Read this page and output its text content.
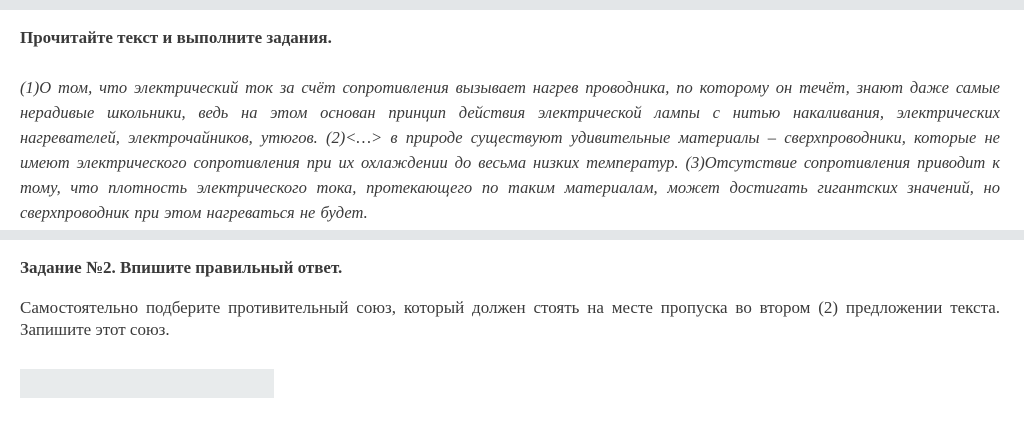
Прочитайте текст и выполните задания.
(1)О том, что электрический ток за счёт сопротивления вызывает нагрев проводника, по которому он течёт, знают даже самые нерадивые школьники, ведь на этом основан принцип действия электрической лампы с нитью накаливания, электрических нагревателей, электрочайников, утюгов. (2)<…> в природе существуют удивительные материалы – сверхпроводники, которые не имеют электрического сопротивления при их охлаждении до весьма низких температур. (3)Отсутствие сопротивления приводит к тому, что плотность электрического тока, протекающего по таким материалам, может достигать гигантских значений, но сверхпроводник при этом нагреваться не будет.
Задание №2. Впишите правильный ответ.
Самостоятельно подберите противительный союз, который должен стоять на месте пропуска во втором (2) предложении текста. Запишите этот союз.
